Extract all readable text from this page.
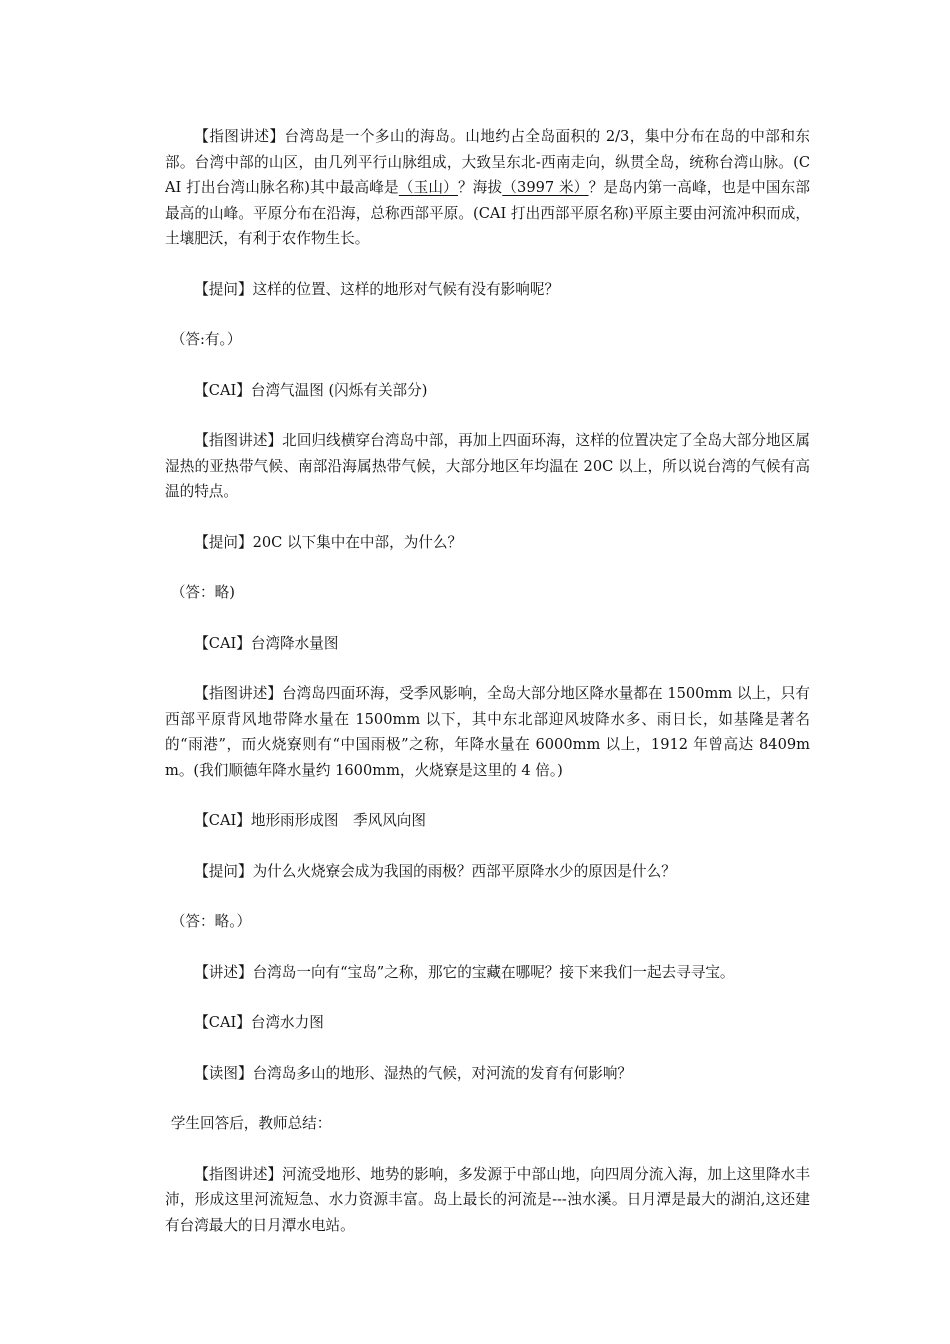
【指图讲述】台湾岛是一个多山的海岛。山地约占全岛面积的 2/3，集中分布在岛的中部和东部。台湾中部的山区，由几列平行山脉组成，大致呈东北-西南走向，纵贯全岛，统称台湾山脉。(CAI 打出台湾山脉名称)其中最高峰是（玉山）？海拔（3997 米）？是岛内第一高峰，也是中国东部最高的山峰。平原分布在沿海，总称西部平原。(CAI 打出西部平原名称)平原主要由河流冲积而成，土壤肥沃，有利于农作物生长。

【提问】这样的位置、这样的地形对气候有没有影响呢？

（答:有。）

【CAI】台湾气温图 (闪烁有关部分)

【指图讲述】北回归线横穿台湾岛中部，再加上四面环海，这样的位置决定了全岛大部分地区属湿热的亚热带气候、南部沿海属热带气候，大部分地区年均温在 20C 以上，所以说台湾的气候有高温的特点。

【提问】20C 以下集中在中部，为什么？

（答：略)

【CAI】台湾降水量图

【指图讲述】台湾岛四面环海，受季风影响，全岛大部分地区降水量都在 1500mm 以上，只有西部平原背风地带降水量在 1500mm 以下，其中东北部迎风坡降水多、雨日长，如基隆是著名的“雨港”，而火烧寮则有“中国雨极”之称，年降水量在 6000mm 以上，1912 年曾高达 8409mm。(我们顺德年降水量约 1600mm，火烧寮是这里的 4 倍。)

【CAI】地形雨形成图　季风风向图

【提问】为什么火烧寮会成为我国的雨极？西部平原降水少的原因是什么？

（答：略。）

【讲述】台湾岛一向有“宝岛”之称，那它的宝藏在哪呢？接下来我们一起去寻寻宝。

【CAI】台湾水力图

【读图】台湾岛多山的地形、湿热的气候，对河流的发育有何影响？

学生回答后，教师总结：

【指图讲述】河流受地形、地势的影响，多发源于中部山地，向四周分流入海，加上这里降水丰沛，形成这里河流短急、水力资源丰富。岛上最长的河流是---浊水溪。日月潭是最大的湖泊,这还建有台湾最大的日月潭水电站。
